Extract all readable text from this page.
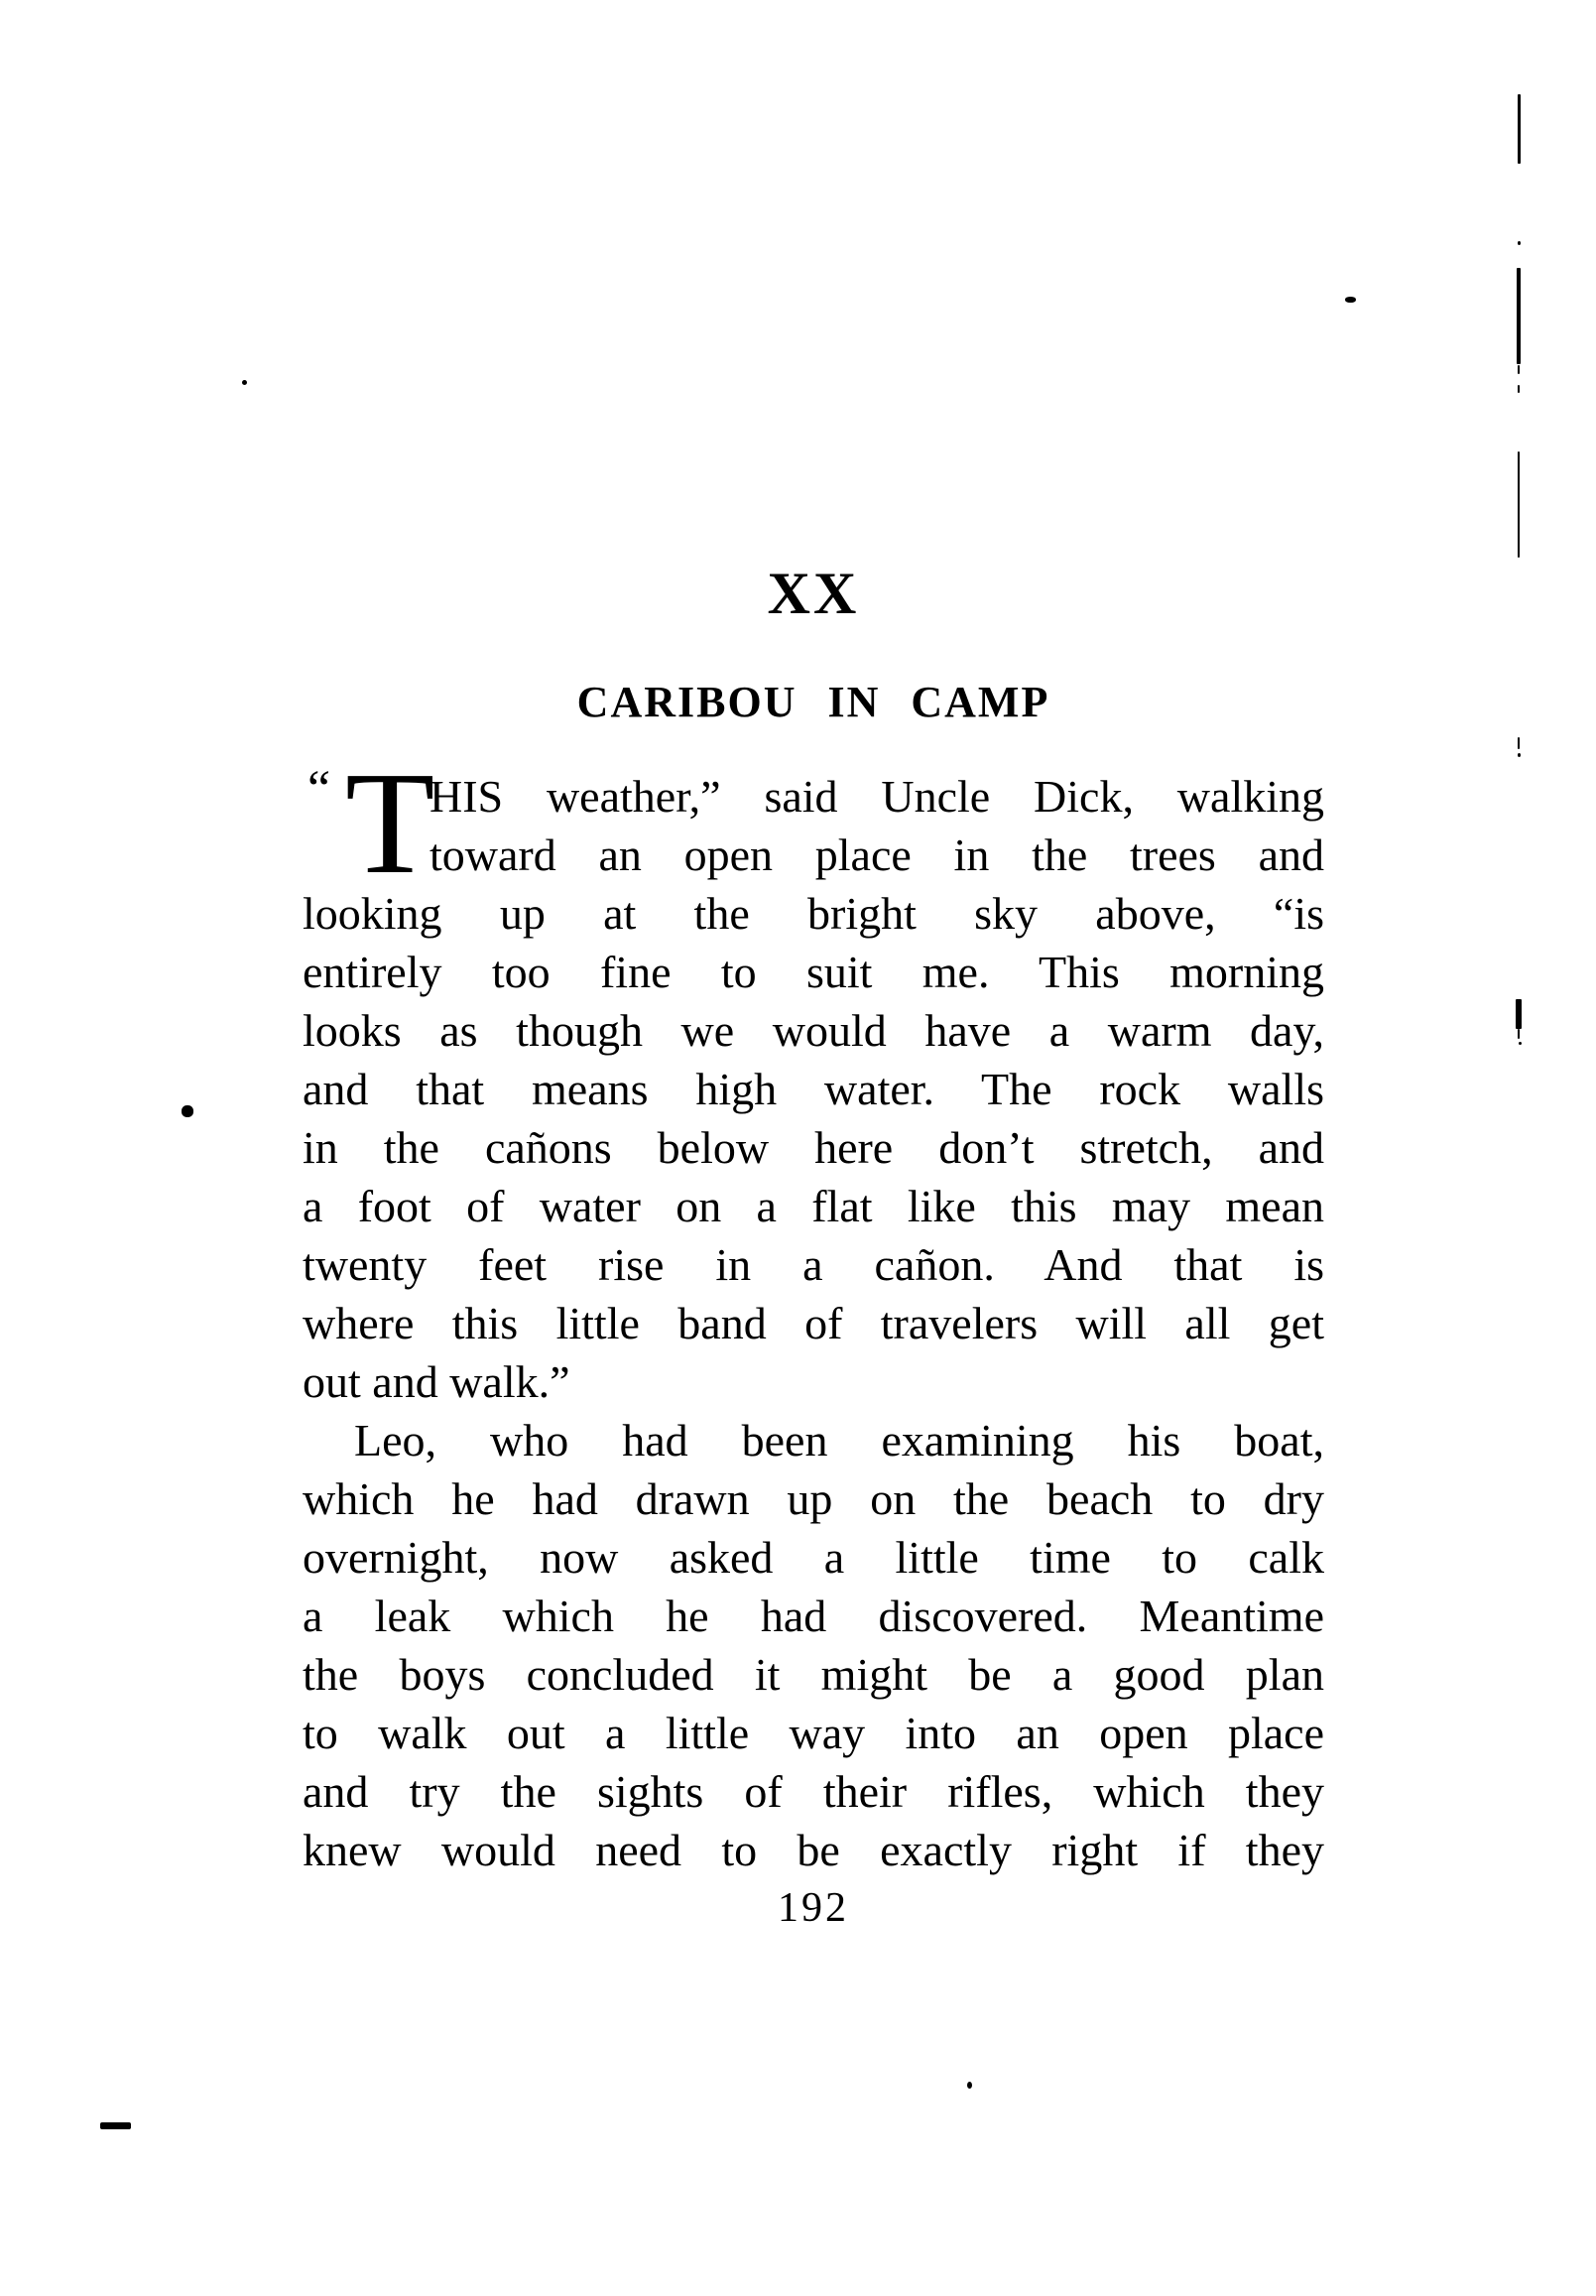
XX
CARIBOU IN CAMP
“ T
HIS weather,” said Uncle Dick, walking
toward an open place in the trees and
looking up at the bright sky above, “is
entirely too fine to suit me. This morning
looks as though we would have a warm day,
and that means high water. The rock walls
in the cañons below here don’t stretch, and
a foot of water on a flat like this may mean
twenty feet rise in a cañon. And that is
where this little band of travelers will all get
out and walk.”
Leo, who had been examining his boat,
which he had drawn up on the beach to dry
overnight, now asked a little time to calk
a leak which he had discovered. Meantime
the boys concluded it might be a good plan
to walk out a little way into an open place
and try the sights of their rifles, which they
knew would need to be exactly right if they
192
